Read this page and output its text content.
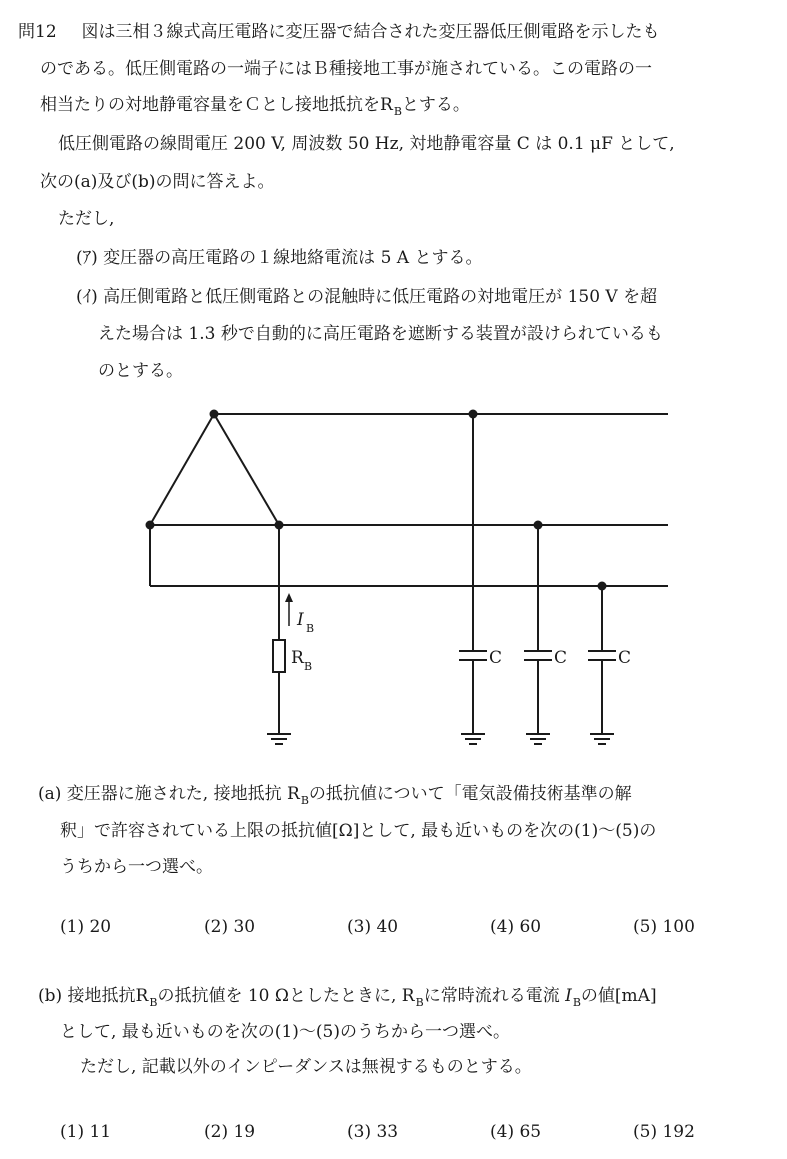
問12 図は三相３線式高圧電路に変圧器で結合された変圧器低圧側電路を示したも
のである。低圧側電路の一端子にはＢ種接地工事が施されている。この電路の一
相当たりの対地静電容量をＣとし接地抵抗を$R_B$とする。
低圧側電路の線間電圧 200 V, 周波数 50 Hz, 対地静電容量 C は 0.1 μF として,
次の(a)及び(b)の問に答えよ。
ただし,
(ｱ) 変圧器の高圧電路の１線地絡電流は 5 A とする。
(ｲ) 高圧側電路と低圧側電路との混触時に低圧電路の対地電圧が 150 V を超
えた場合は 1.3 秒で自動的に高圧電路を遮断する装置が設けられているも
のとする。
I B
R B	C	C	C
(a) 変圧器に施された, 接地抵抗 $R_B$の抵抗値について「電気設備技術基準の解
釈」で許容されている上限の抵抗値[Ω]として, 最も近いものを次の(1)～(5)の
うちから一つ選べ。
(1) 20	(2) 30	(3) 40	(4) 60	(5) 100
(b) 接地抵抗$R_B$の抵抗値を 10 Ωとしたときに, $R_B$に常時流れる電流 $I_B$の値[mA]
として, 最も近いものを次の(1)～(5)のうちから一つ選べ。
ただし, 記載以外のインピーダンスは無視するものとする。
(1) 11	(2) 19	(3) 33	(4) 65	(5) 192
